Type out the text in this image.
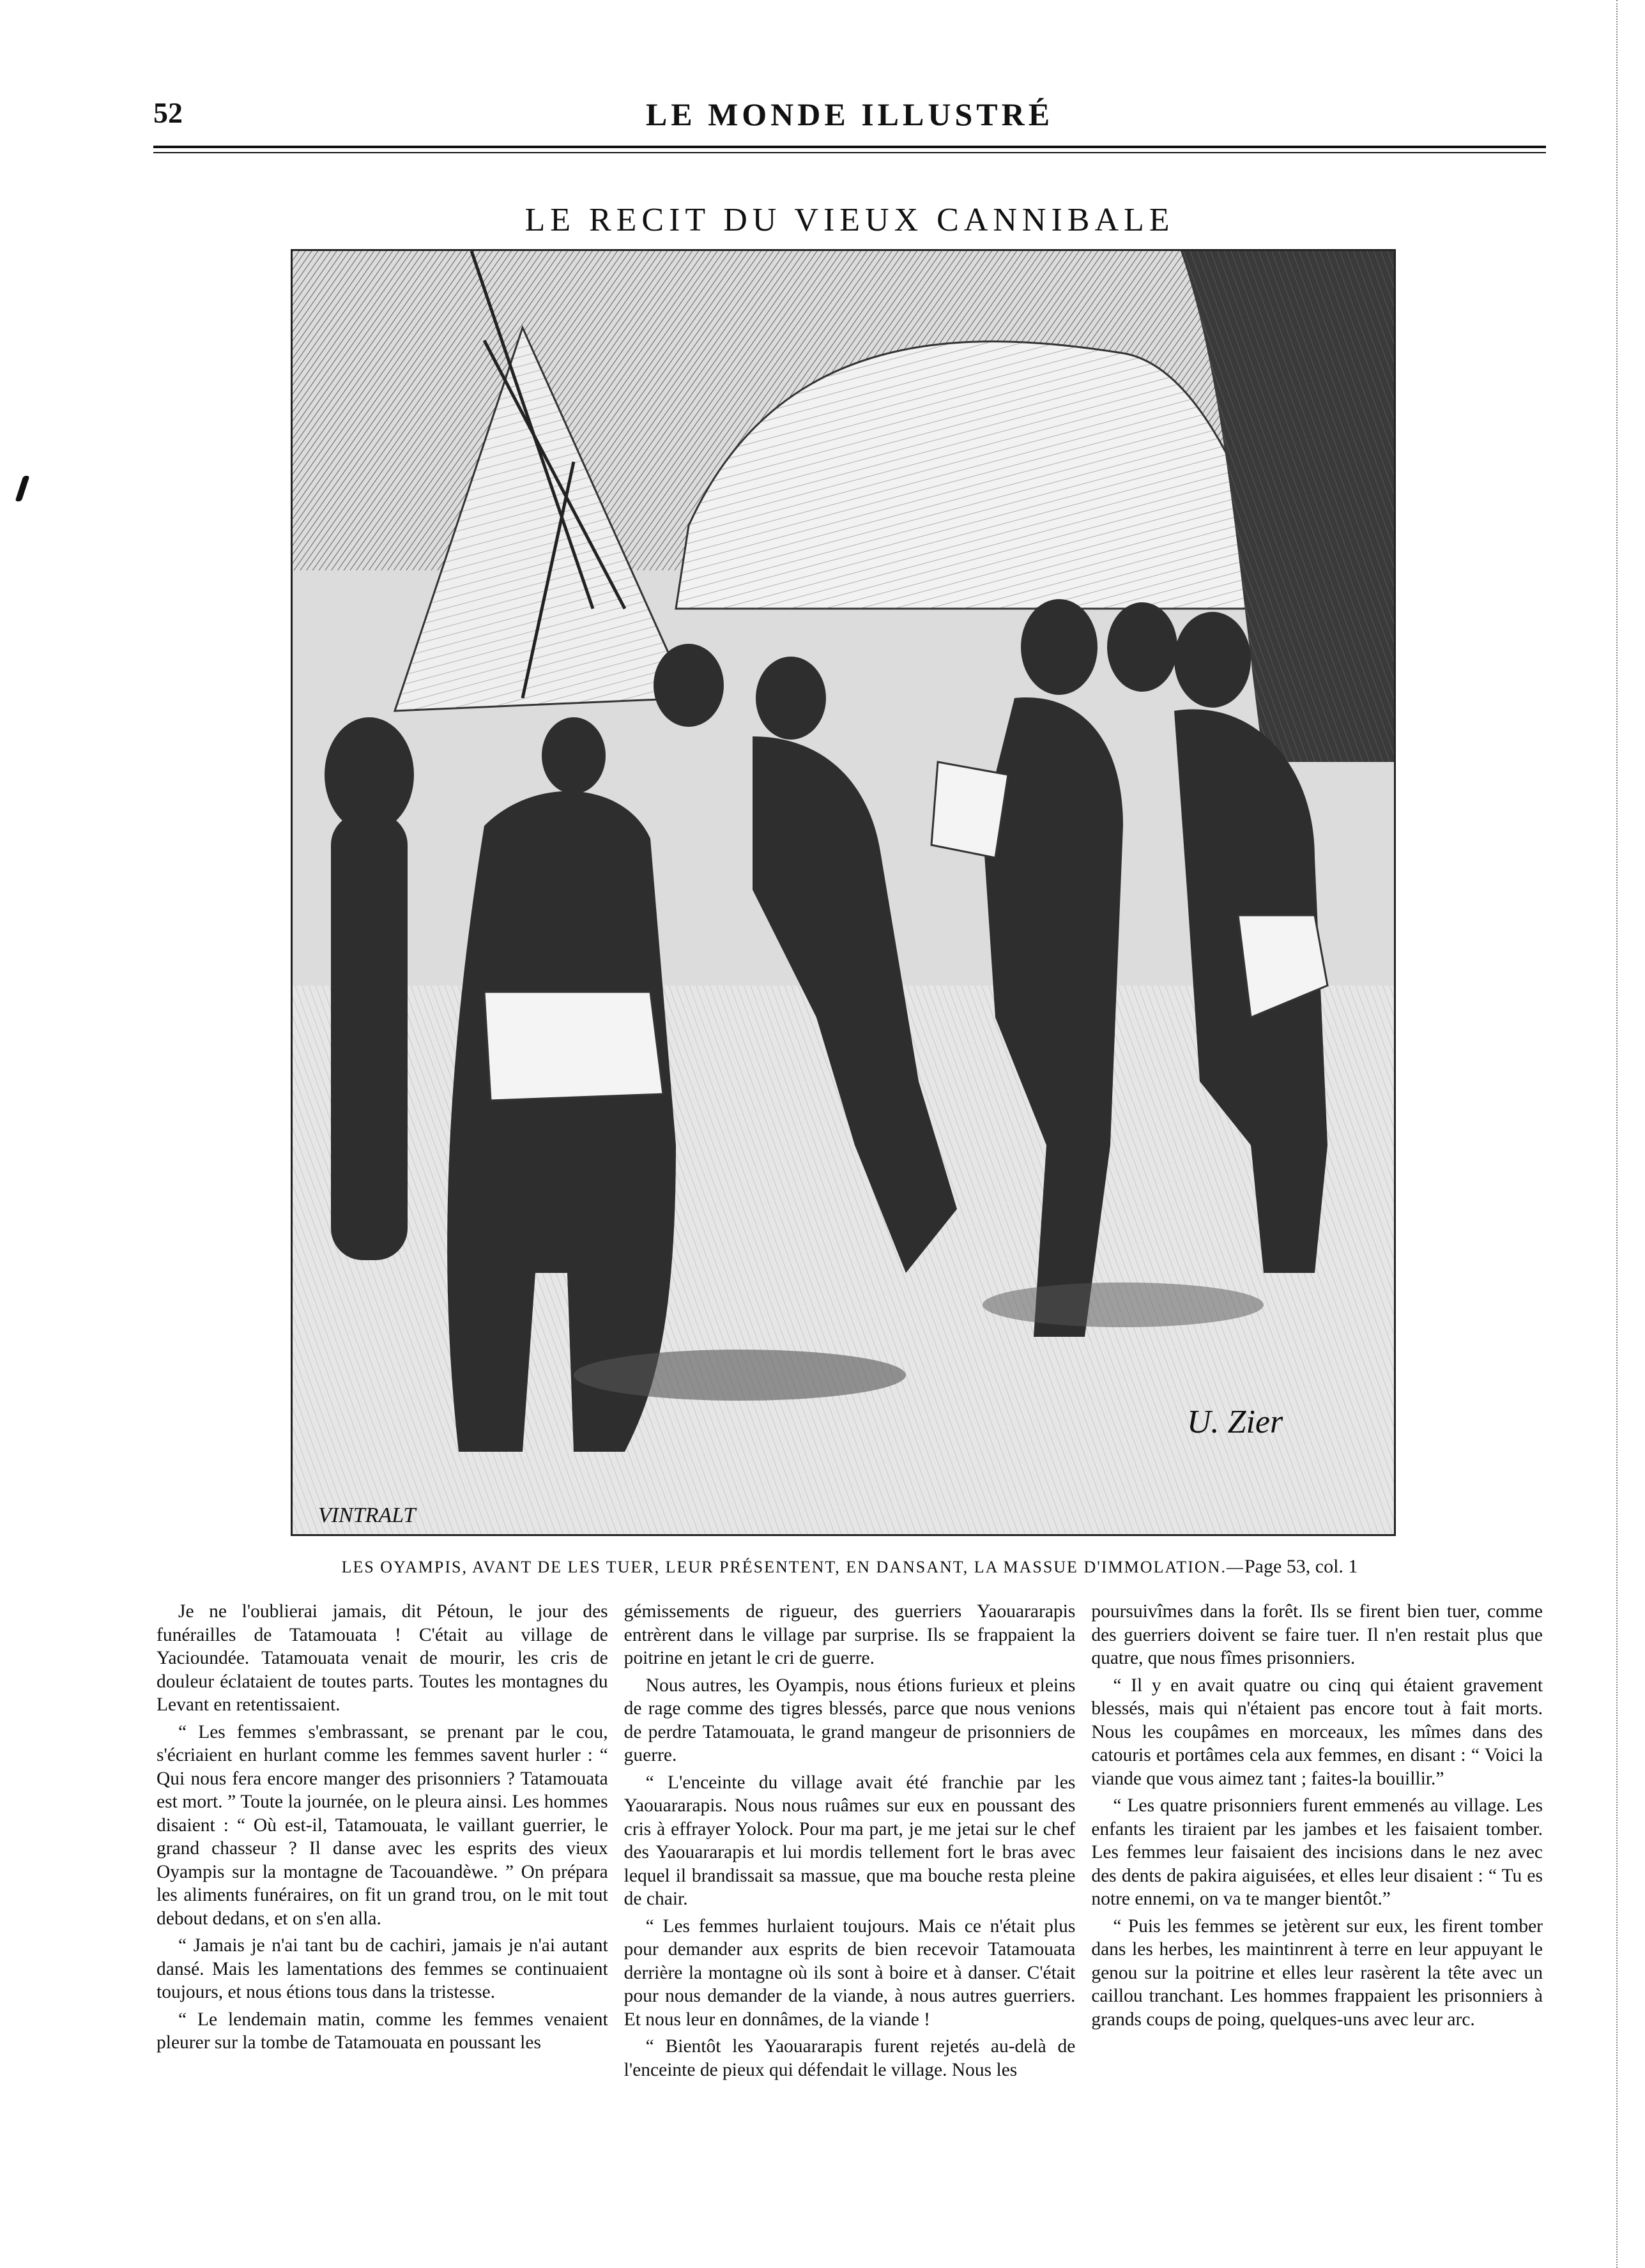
52	LE MONDE ILLUSTRÉ
LE RECIT DU VIEUX CANNIBALE
VINTRALT
U. Zier
LES OYAMPIS, AVANT DE LES TUER, LEUR PRÉSENTENT, EN DANSANT, LA MASSUE D'IMMOLATION.—Page 53, col. 1

Je ne l'oublierai jamais, dit Pétoun, le jour des funérailles de Tatamouata ! C'était au village de Yacioundée. Tatamouata venait de mourir, les cris de douleur éclataient de toutes parts. Toutes les montagnes du Levant en retentissaient.

“ Les femmes s'embrassant, se prenant par le cou, s'écriaient en hurlant comme les femmes savent hurler : “ Qui nous fera encore manger des prisonniers ? Tatamouata est mort. ” Toute la journée, on le pleura ainsi. Les hommes disaient : “ Où est-il, Tatamouata, le vaillant guerrier, le grand chasseur ? Il danse avec les esprits des vieux Oyampis sur la montagne de Tacouandèwe. ” On prépara les aliments funéraires, on fit un grand trou, on le mit tout debout dedans, et on s'en alla.

“ Jamais je n'ai tant bu de cachiri, jamais je n'ai autant dansé. Mais les lamentations des femmes se continuaient toujours, et nous étions tous dans la tristesse.

“ Le lendemain matin, comme les femmes venaient pleurer sur la tombe de Tatamouata en poussant les

gémissements de rigueur, des guerriers Yaouararapis entrèrent dans le village par surprise. Ils se frappaient la poitrine en jetant le cri de guerre.

Nous autres, les Oyampis, nous étions furieux et pleins de rage comme des tigres blessés, parce que nous venions de perdre Tatamouata, le grand mangeur de prisonniers de guerre.

“ L'enceinte du village avait été franchie par les Yaouararapis. Nous nous ruâmes sur eux en poussant des cris à effrayer Yolock. Pour ma part, je me jetai sur le chef des Yaouararapis et lui mordis tellement fort le bras avec lequel il brandissait sa massue, que ma bouche resta pleine de chair.

“ Les femmes hurlaient toujours. Mais ce n'était plus pour demander aux esprits de bien recevoir Tatamouata derrière la montagne où ils sont à boire et à danser. C'était pour nous demander de la viande, à nous autres guerriers. Et nous leur en donnâmes, de la viande !

“ Bientôt les Yaouararapis furent rejetés au-delà de l'enceinte de pieux qui défendait le village. Nous les

poursuivîmes dans la forêt. Ils se firent bien tuer, comme des guerriers doivent se faire tuer. Il n'en restait plus que quatre, que nous fîmes prisonniers.

“ Il y en avait quatre ou cinq qui étaient gravement blessés, mais qui n'étaient pas encore tout à fait morts. Nous les coupâmes en morceaux, les mîmes dans des catouris et portâmes cela aux femmes, en disant : “ Voici la viande que vous aimez tant ; faites-la bouillir.”

“ Les quatre prisonniers furent emmenés au village. Les enfants les tiraient par les jambes et les faisaient tomber. Les femmes leur faisaient des incisions dans le nez avec des dents de pakira aiguisées, et elles leur disaient : “ Tu es notre ennemi, on va te manger bientôt.”

“ Puis les femmes se jetèrent sur eux, les firent tomber dans les herbes, les maintinrent à terre en leur appuyant le genou sur la poitrine et elles leur rasèrent la tête avec un caillou tranchant. Les hommes frappaient les prisonniers à grands coups de poing, quelques-uns avec leur arc.
